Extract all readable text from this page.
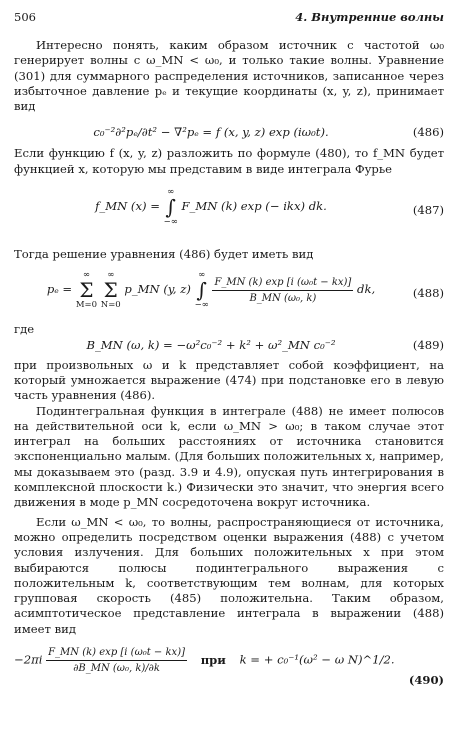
506	4. Внутренние волны

Интересно понять, каким образом источник с частотой ω₀ генерирует волны с ω_MN < ω₀, и только такие волны. Уравнение (301) для суммарного распределения источников, записанное через избыточное давление pₑ и текущие координаты (x, y, z), принимает вид

c₀⁻²∂²pₑ/∂t² − ∇²pₑ = f (x, y, z) exp (iω₀t).	(486)

Если функцию f (x, y, z) разложить по формуле (480), то f_MN будет функцией x, которую мы представим в виде интеграла Фурье

f_MN (x) = ∞
∫
−∞ F_MN (k) exp (− ikx) dk.	(487)

Тогда решение уравнения (486) будет иметь вид

pₑ = ∞
Σ
M=0 ∞
Σ
N=0 p_MN (y, z) ∞
∫
−∞ $\frac{\text{F\_MN (k) exp [i (ω₀t − kx)]}}{\text{B\_MN (ω₀, k)}}$ dk,	(488)

где

B_MN (ω, k) = −ω²c₀⁻² + k² + ω²_MN c₀⁻²	(489)

при произвольных ω и k представляет собой коэффициент, на который умножается выражение (474) при подстановке его в левую часть уравнения (486).

Подинтегральная функция в интеграле (488) не имеет полюсов на действительной оси k, если ω_MN > ω₀; в таком случае этот интеграл на больших расстояниях от источника становится экспоненциально малым. (Для больших положительных x, например, мы доказываем это (разд. 3.9 и 4.9), опуская путь интегрирования в комплексной плоскости k.) Физически это значит, что энергия всего движения в моде p_MN сосредоточена вокруг источника.

Если ω_MN < ω₀, то волны, распространяющиеся от источника, можно определить посредством оценки выражения (488) с учетом условия излучения. Для больших положительных x при этом выбираются полюсы подинтегрального выражения с положительным k, соответствующим тем волнам, для которых групповая скорость (485) положительна. Таким образом, асимптотическое представление интеграла в выражении (488) имеет вид

$-2\pi i \frac{\text{F\_MN (k) exp [i (ω₀t − kx)]}}{\text{∂B\_MN (ω₀, k)/∂k}}$ при k = + c₀⁻¹(ω² − ω N)^1/2.
(490)
